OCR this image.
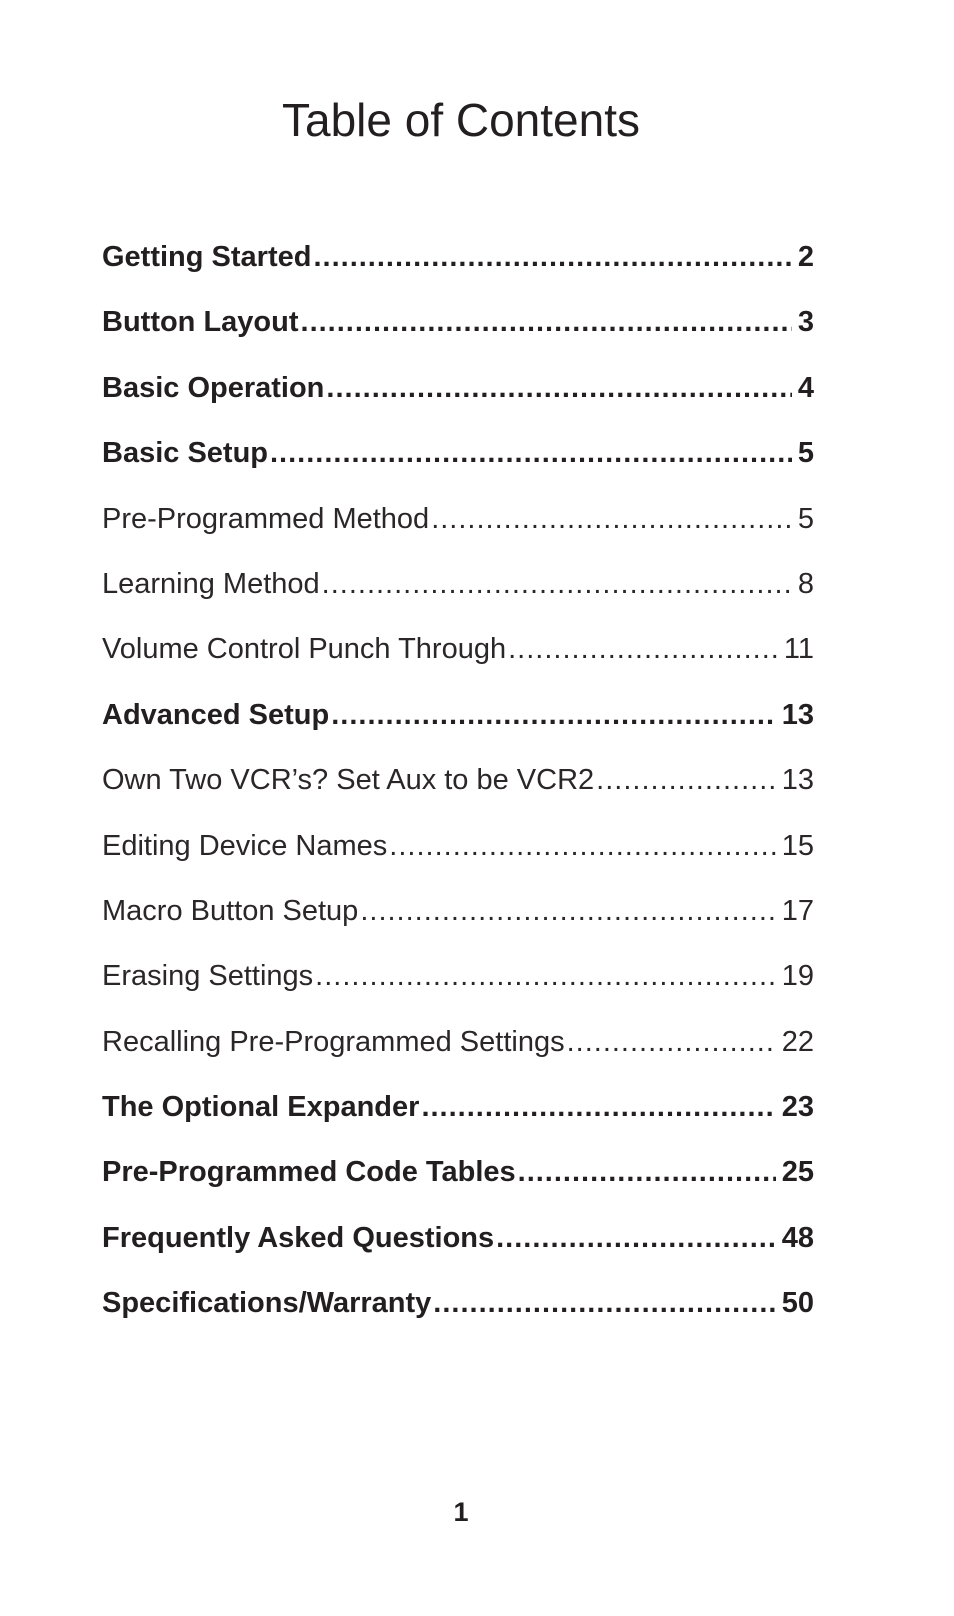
Table of Contents
Getting Started .....	2
Button Layout .....	3
Basic Operation .....	4
Basic Setup .....	5
Pre-Programmed Method .....	5
Learning Method .....	8
Volume Control Punch Through .....	11
Advanced Setup .....	13
Own Two VCR’s? Set Aux to be VCR2 .....	13
Editing Device Names .....	15
Macro Button Setup .....	17
Erasing Settings .....	19
Recalling Pre-Programmed Settings .....	22
The Optional Expander .....	23
Pre-Programmed Code Tables .....	25
Frequently Asked Questions .....	48
Specifications/Warranty .....	50
1
